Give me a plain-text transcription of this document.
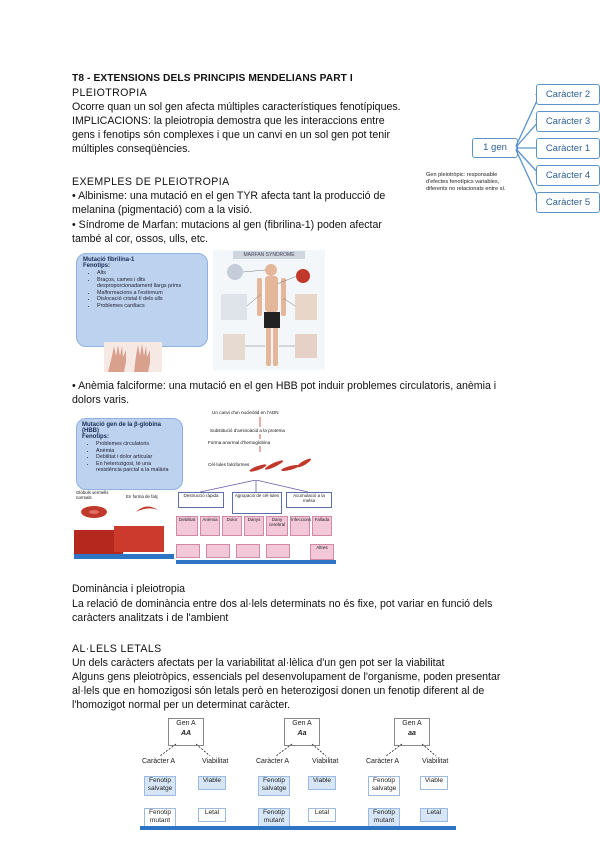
T8 - EXTENSIONS DELS PRINCIPIS MENDELIANS PART I
PLEIOTROPIA
Ocorre quan un sol gen afecta múltiples característiques fenotípiques.
IMPLICACIONS: la pleiotropia demostra que les interaccions entre
gens i fenotips són complexes i que un canvi en un sol gen pot tenir
múltiples conseqüències.
EXEMPLES DE PLEIOTROPIA
• Albinisme: una mutació en el gen TYR afecta tant la producció de
melanina (pigmentació) com a la visió.
• Síndrome de Marfan: mutacions al gen (fibrilina-1) poden afectar
també al cor, ossos, ulls, etc.
1 gen
Caràcter 2
Caràcter 3
Caràcter 1
Caràcter 4
Caràcter 5
Gen pleiotròpic: responsable
d'efectes fenotípics variables,
diferents no relacionats entre sí.
Mutació fibrilina-1
Fenotips:
• Alts
• Braços, cames i dits desproporcionadament llargs prims
• Malformacions a l'estèrnum
• Dislocació cristal·lí dels ulls
• Problemes cardíacs
MARFAN SYNDROME
• Anèmia falciforme: una mutació en el gen HBB pot induir problemes circulatoris, anèmia i
dolors varis.
Mutació gen de la β-globina (HBB)
Fenotips:
• Problemes circulatoris
• Anèmia
• Debilitat i dolor articular
• En heterozigosi, té una resistència parcial a la malària
Un canvi d'un nucleòtid en l'ADN
Substitució d'aminoàcid a la proteïna
Forma anormal d'hemoglobina
Cèl·lules falciformes
Glòbuls vermells normals	En forma de falç	Destrucció ràpida	Agrupació de cèl·lules	Acumulació a la melsa
Debilitat	Anèmia	Dolor	Danys	Dany cerebral
Infeccions Fallada
Altres
Dominància i pleiotropia
La relació de dominància entre dos al·lels determinats no és fixe, pot variar en funció dels
caràcters analitzats i de l'ambient
AL·LELS LETALS
Un dels caràcters afectats per la variabilitat al·lèlica d'un gen pot ser la viabilitat
Alguns gens pleiotròpics, essencials pel desenvolupament de l'organisme, poden presentar
al·lels que en homozigosi són letals però en heterozigosi donen un fenotip diferent al de
l'homozigot normal per un determinat caràcter.
Gen A
AA
Caràcter A	Viabilitat
Fenotip salvatge
Viable
Fenotip mutant
Letal
Gen A
Aa
Caràcter A	Viabilitat
Fenotip salvatge
Viable
Fenotip mutant
Letal
Gen A
aa
Caràcter A	Viabilitat
Fenotip salvatge
Viable
Fenotip mutant
Letal
